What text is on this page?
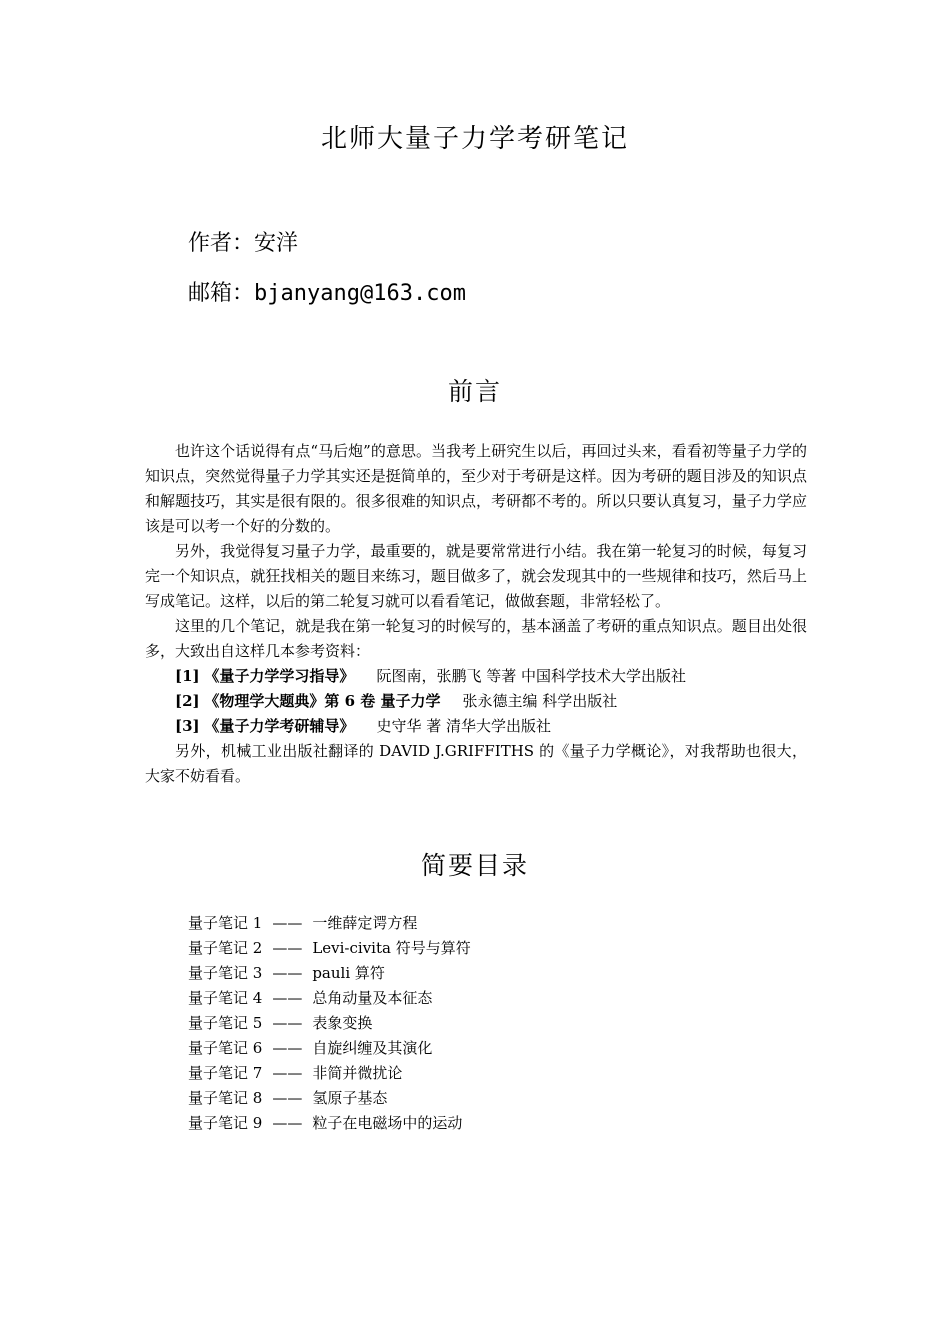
北师大量子力学考研笔记
作者：安洋
邮箱：bjanyang@163.com
前言

也许这个话说得有点“马后炮”的意思。当我考上研究生以后，再回过头来，看看初等量子力学的知识点，突然觉得量子力学其实还是挺简单的，至少对于考研是这样。因为考研的题目涉及的知识点和解题技巧，其实是很有限的。很多很难的知识点，考研都不考的。所以只要认真复习，量子力学应该是可以考一个好的分数的。

另外，我觉得复习量子力学，最重要的，就是要常常进行小结。我在第一轮复习的时候，每复习完一个知识点，就狂找相关的题目来练习，题目做多了，就会发现其中的一些规律和技巧，然后马上写成笔记。这样，以后的第二轮复习就可以看看笔记，做做套题，非常轻松了。

这里的几个笔记，就是我在第一轮复习的时候写的，基本涵盖了考研的重点知识点。题目出处很多，大致出自这样几本参考资料：

[1] 《量子力学学习指导》 阮图南，张鹏飞 等著 中国科学技术大学出版社
[2] 《物理学大题典》第 6 卷 量子力学 张永德主编 科学出版社
[3] 《量子力学考研辅导》 史守华 著 清华大学出版社

另外，机械工业出版社翻译的 DAVID J.GRIFFITHS 的《量子力学概论》，对我帮助也很大，大家不妨看看。

简要目录
量子笔记 1 —— 一维薛定谔方程
量子笔记 2 —— Levi-civita 符号与算符
量子笔记 3 —— pauli 算符
量子笔记 4 —— 总角动量及本征态
量子笔记 5 —— 表象变换
量子笔记 6 —— 自旋纠缠及其演化
量子笔记 7 —— 非简并微扰论
量子笔记 8 —— 氢原子基态
量子笔记 9 —— 粒子在电磁场中的运动
